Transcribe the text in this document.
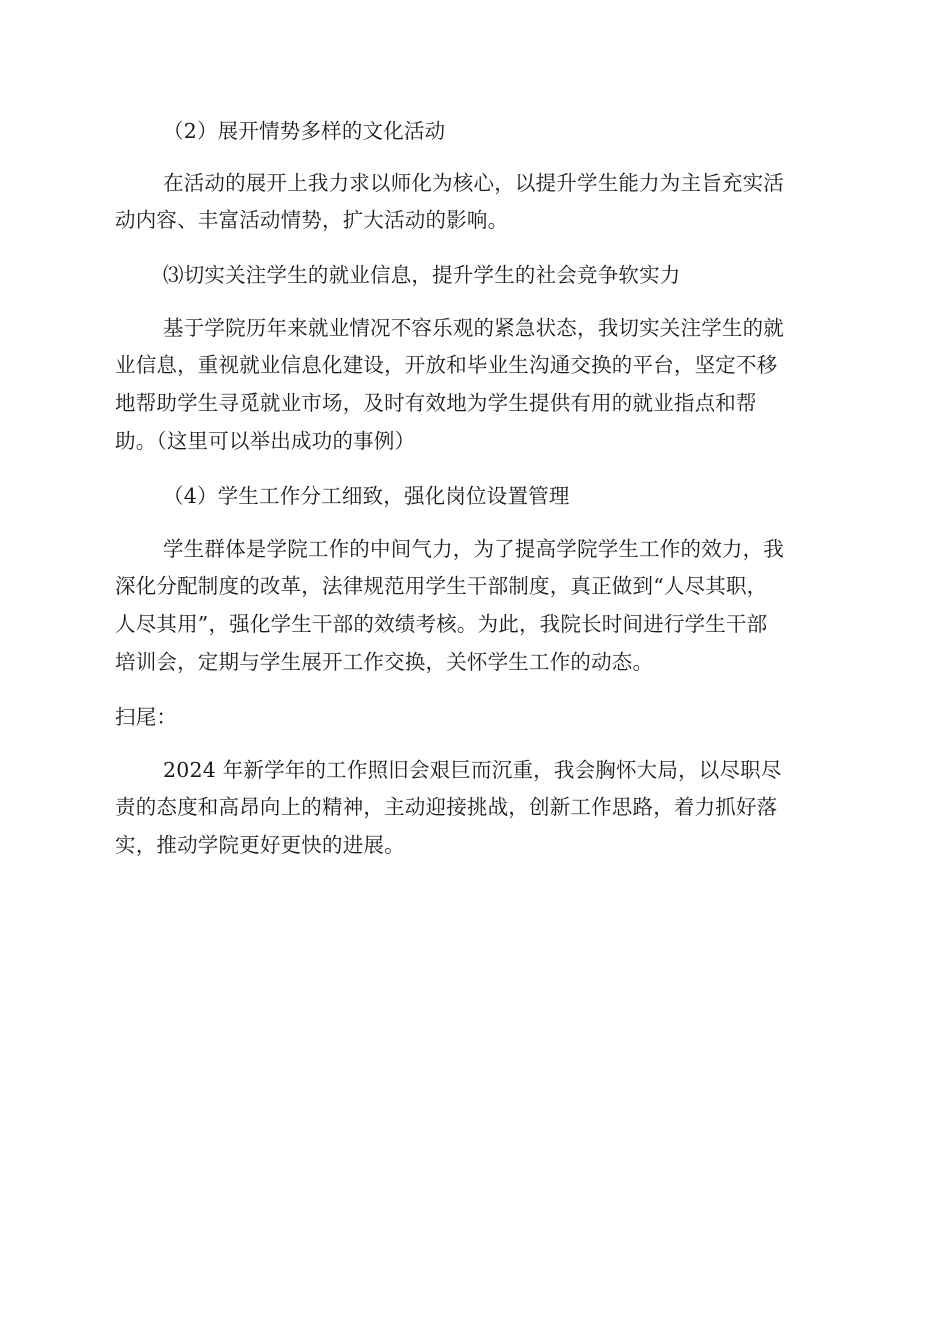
（2）展开情势多样的文化活动

在活动的展开上我力求以师化为核心，以提升学生能力为主旨充实活

动内容、丰富活动情势，扩大活动的影响。

⑶切实关注学生的就业信息，提升学生的社会竞争软实力

基于学院历年来就业情况不容乐观的紧急状态，我切实关注学生的就

业信息，重视就业信息化建设，开放和毕业生沟通交换的平台，坚定不移

地帮助学生寻觅就业市场，及时有效地为学生提供有用的就业指点和帮

助。（这里可以举出成功的事例）

（4）学生工作分工细致，强化岗位设置管理

学生群体是学院工作的中间气力，为了提高学院学生工作的效力，我

深化分配制度的改革，法律规范用学生干部制度，真正做到“人尽其职，

人尽其用”，强化学生干部的效绩考核。为此，我院长时间进行学生干部

培训会，定期与学生展开工作交换，关怀学生工作的动态。

扫尾：

2024 年新学年的工作照旧会艰巨而沉重，我会胸怀大局，以尽职尽

责的态度和高昂向上的精神，主动迎接挑战，创新工作思路，着力抓好落

实，推动学院更好更快的进展。
